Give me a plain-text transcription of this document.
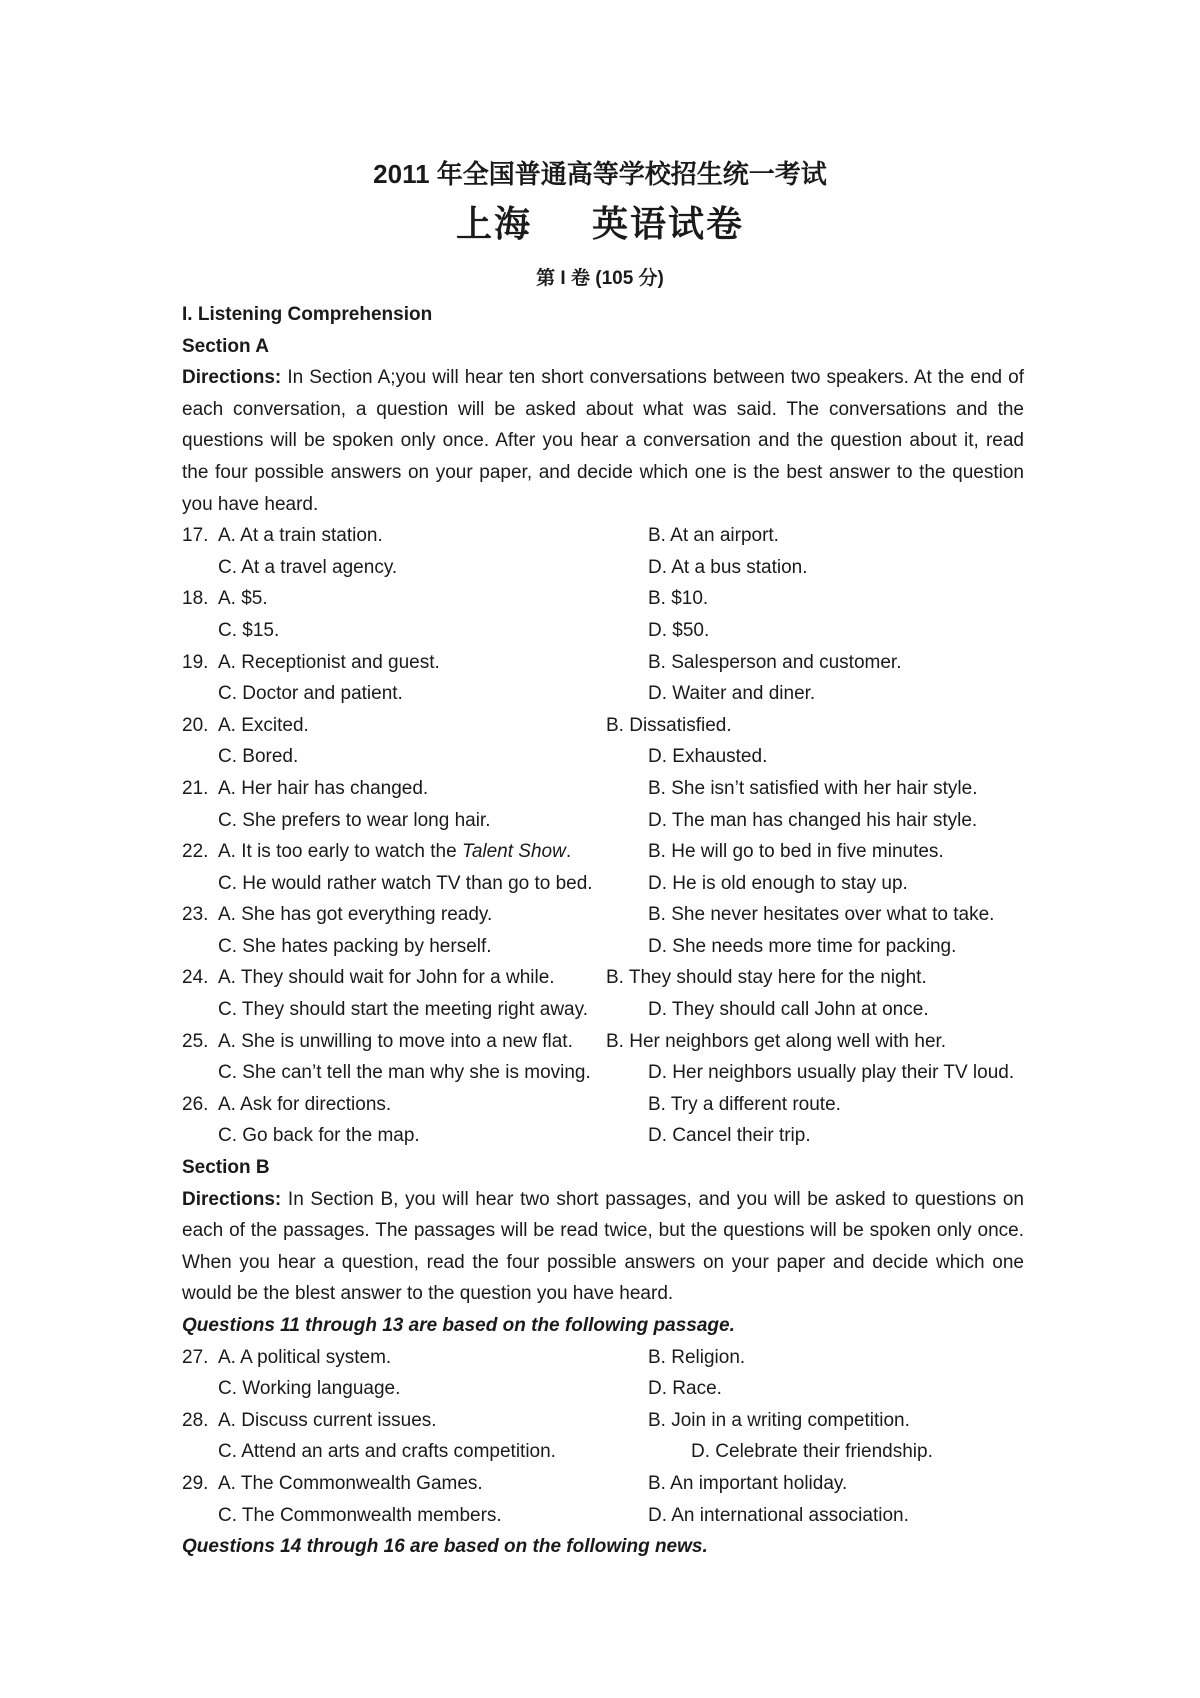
2011 年全国普通高等学校招生统一考试
上海 英语试卷
第 I 卷 (105 分)
I. Listening Comprehension
Section A
Directions: In Section A;you will hear ten short conversations between two speakers. At the end of each conversation, a question will be asked about what was said. The conversations and the questions will be spoken only once. After you hear a conversation and the question about it, read the four possible answers on your paper, and decide which one is the best answer to the question you have heard.
17. A. At a train station.	B. At an airport.
C. At a travel agency.	D. At a bus station.
18. A. $5.	B. $10.
C. $15.	D. $50.
19. A. Receptionist and guest.	B. Salesperson and customer.
C. Doctor and patient.	D. Waiter and diner.
20. A. Excited.	B. Dissatisfied.
C. Bored.	D. Exhausted.
21. A. Her hair has changed.	B. She isn’t satisfied with her hair style.
C. She prefers to wear long hair.	D. The man has changed his hair style.
22. A. It is too early to watch the Talent Show.	B. He will go to bed in five minutes.
C. He would rather watch TV than go to bed.	D. He is old enough to stay up.
23. A. She has got everything ready.	B. She never hesitates over what to take.
C. She hates packing by herself.	D. She needs more time for packing.
24. A. They should wait for John for a while.	B. They should stay here for the night.
C. They should start the meeting right away.	D. They should call John at once.
25. A. She is unwilling to move into a new flat. B. Her neighbors get along well with her.
C. She can’t tell the man why she is moving.	D. Her neighbors usually play their TV loud.
26. A. Ask for directions.	B. Try a different route.
C. Go back for the map.	D. Cancel their trip.
Section B
Directions: In Section B, you will hear two short passages, and you will be asked to questions on each of the passages. The passages will be read twice, but the questions will be spoken only once. When you hear a question, read the four possible answers on your paper and decide which one would be the blest answer to the question you have heard.
Questions 11 through 13 are based on the following passage.
27. A. A political system.	B. Religion.
C. Working language.	D. Race.
28. A. Discuss current issues.	B. Join in a writing competition.
C. Attend an arts and crafts competition.	D. Celebrate their friendship.
29. A. The Commonwealth Games.	B. An important holiday.
C. The Commonwealth members.	D. An international association.
Questions 14 through 16 are based on the following news.
